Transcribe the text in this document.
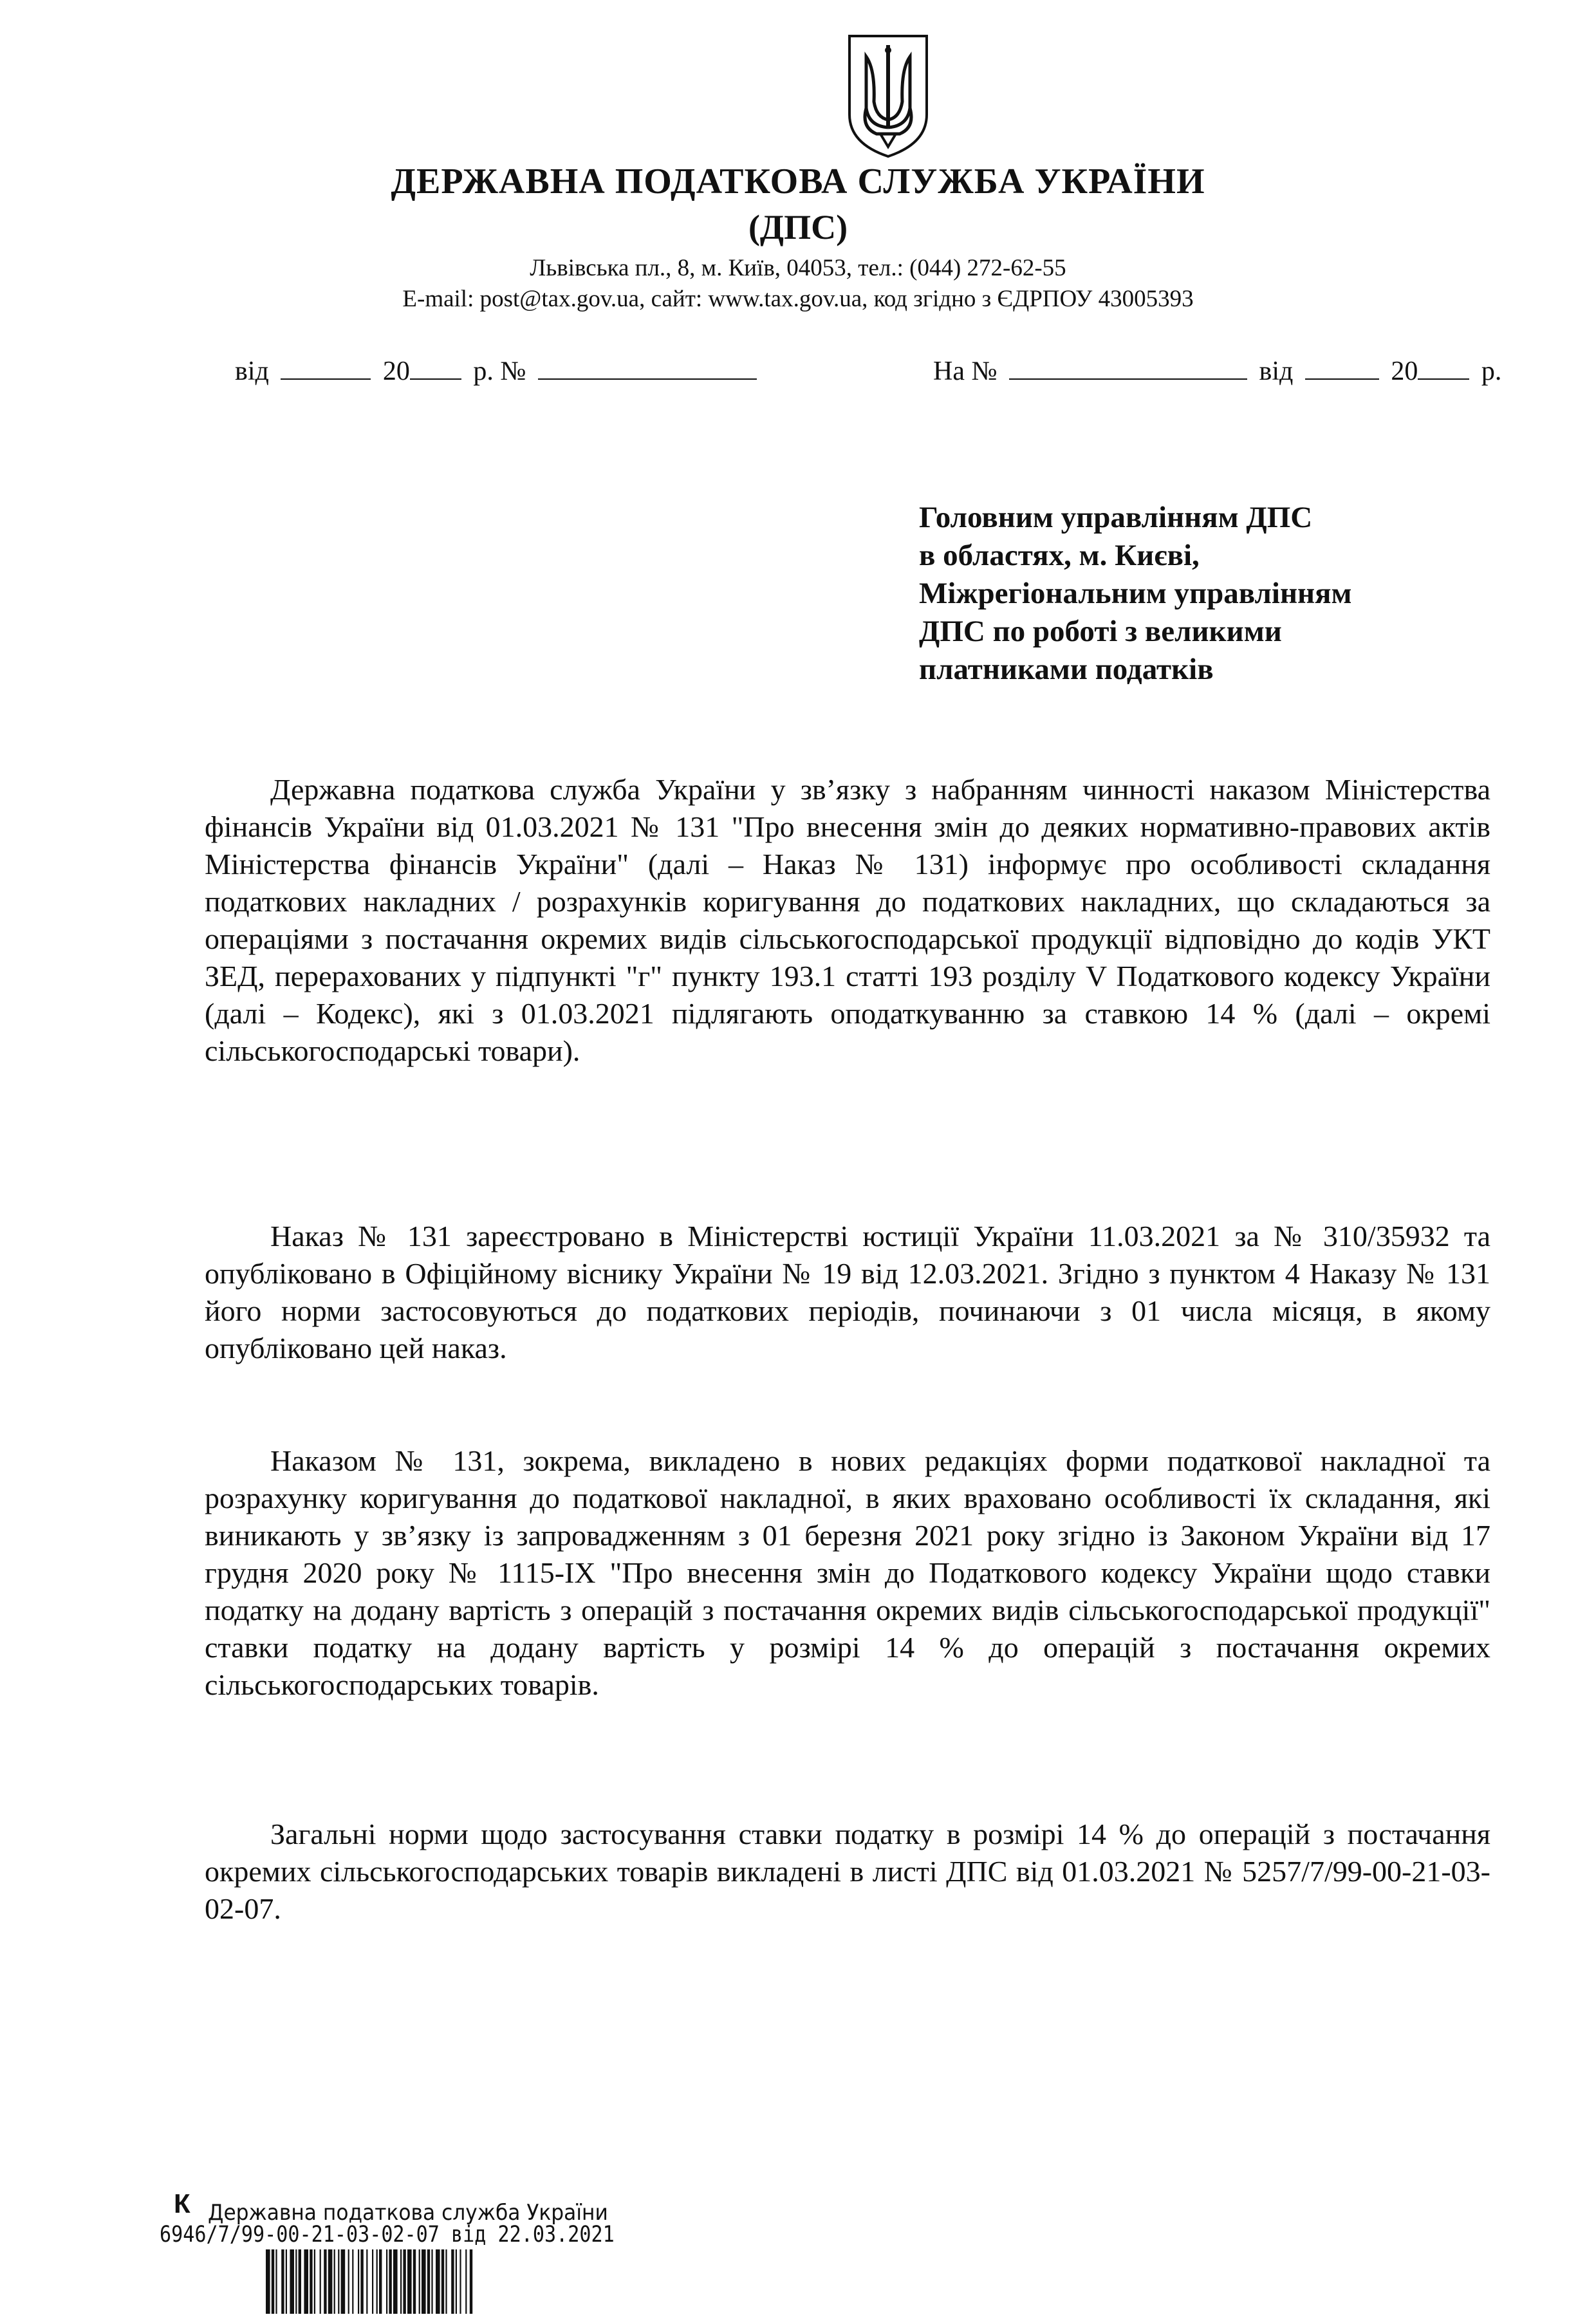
ДЕРЖАВНА ПОДАТКОВА СЛУЖБА УКРАЇНИ
(ДПС)
Львівська пл., 8, м. Київ, 04053, тел.: (044) 272-62-55
E-mail: post@tax.gov.ua, сайт: www.tax.gov.ua, код згідно з ЄДРПОУ 43005393
від	20 р. №	На №	від	20 р.
Головним управлінням ДПС
в областях, м. Києві,
Міжрегіональним управлінням
ДПС по роботі з великими
платниками податків

Державна податкова служба України у зв’язку з набранням чинності наказом Міністерства фінансів України від 01.03.2021 № 131 "Про внесення змін до деяких нормативно-правових актів Міністерства фінансів України" (далі – Наказ № 131) інформує про особливості складання податкових накладних / розрахунків коригування до податкових накладних, що складаються за операціями з постачання окремих видів сільськогосподарської продукції відповідно до кодів УКТ ЗЕД, перерахованих у підпункті "г" пункту 193.1 статті 193 розділу V Податкового кодексу України (далі – Кодекс), які з 01.03.2021 підлягають оподаткуванню за ставкою 14 % (далі – окремі сільськогосподарські товари).

Наказ № 131 зареєстровано в Міністерстві юстиції України 11.03.2021 за № 310/35932 та опубліковано в Офіційному віснику України № 19 від 12.03.2021. Згідно з пунктом 4 Наказу № 131 його норми застосовуються до податкових періодів, починаючи з 01 числа місяця, в якому опубліковано цей наказ.

Наказом № 131, зокрема, викладено в нових редакціях форми податкової накладної та розрахунку коригування до податкової накладної, в яких враховано особливості їх складання, які виникають у зв’язку із запровадженням з 01 березня 2021 року згідно із Законом України від 17 грудня 2020 року № 1115-IX "Про внесення змін до Податкового кодексу України щодо ставки податку на додану вартість з операцій з постачання окремих видів сільськогосподарської продукції" ставки податку на додану вартість у розмірі 14 % до операцій з постачання окремих сільськогосподарських товарів.

Загальні норми щодо застосування ставки податку в розмірі 14 % до операцій з постачання окремих сільськогосподарських товарів викладені в листі ДПС від 01.03.2021 № 5257/7/99-00-21-03-02-07.

К Державна податкова служба України
6946/7/99-00-21-03-02-07 від 22.03.2021
